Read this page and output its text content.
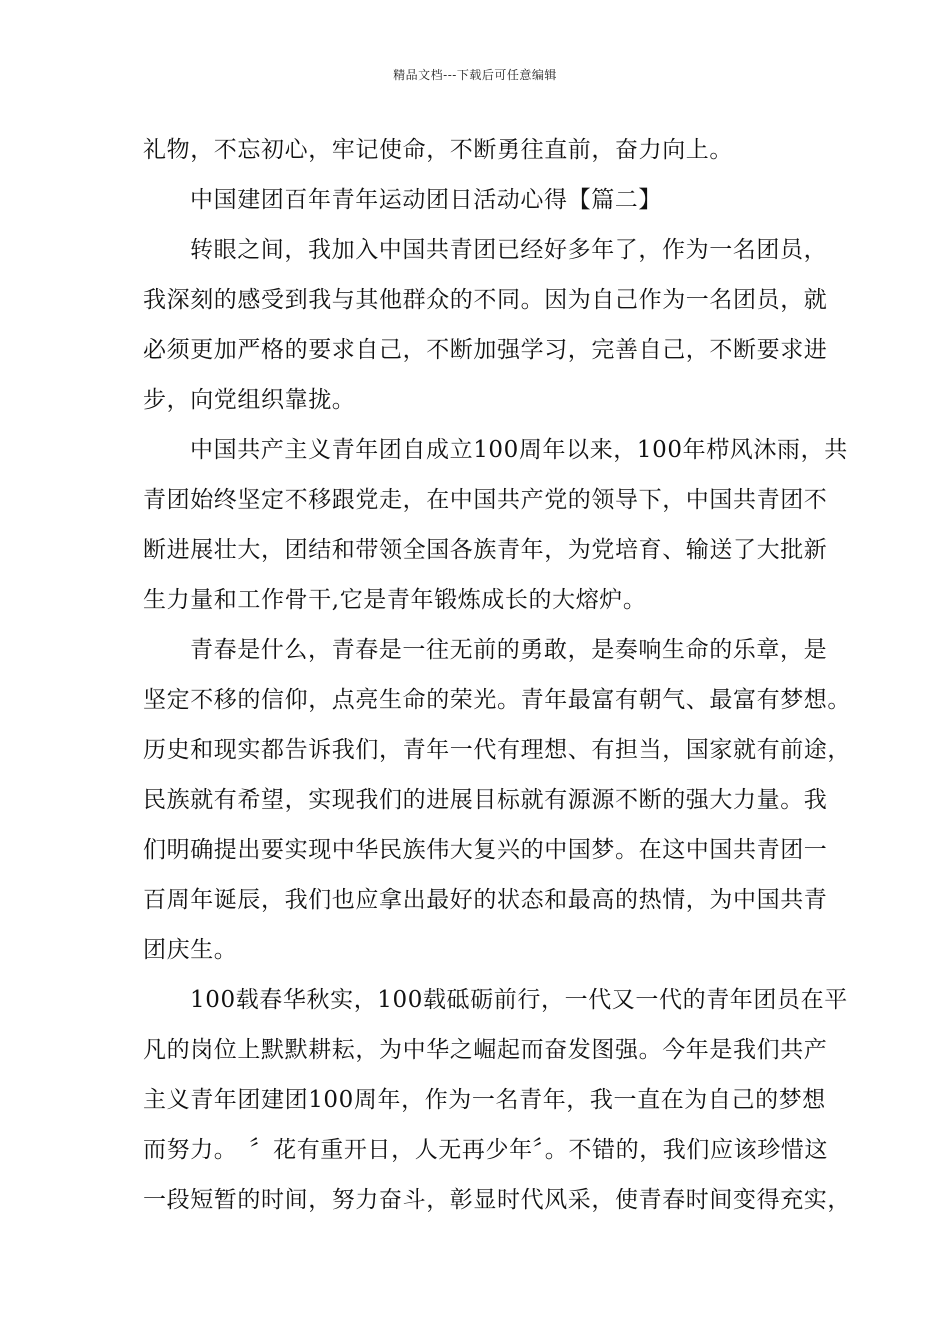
精品文档---下载后可任意编辑
礼物，不忘初心，牢记使命，不断勇往直前，奋力向上。
中国建团百年青年运动团日活动心得【篇二】
转眼之间，我加入中国共青团已经好多年了，作为一名团员，
我深刻的感受到我与其他群众的不同。因为自己作为一名团员，就
必须更加严格的要求自己，不断加强学习，完善自己，不断要求进
步，向党组织靠拢。
中国共产主义青年团自成立100周年以来，100年栉风沐雨，共
青团始终坚定不移跟党走，在中国共产党的领导下，中国共青团不
断进展壮大，团结和带领全国各族青年，为党培育、输送了大批新
生力量和工作骨干,它是青年锻炼成长的大熔炉。
青春是什么，青春是一往无前的勇敢，是奏响生命的乐章，是
坚定不移的信仰，点亮生命的荣光。青年最富有朝气、最富有梦想。
历史和现实都告诉我们，青年一代有理想、有担当，国家就有前途，
民族就有希望，实现我们的进展目标就有源源不断的强大力量。我
们明确提出要实现中华民族伟大复兴的中国梦。在这中国共青团一
百周年诞辰，我们也应拿出最好的状态和最高的热情，为中国共青
团庆生。
100载春华秋实，100载砥砺前行，一代又一代的青年团员在平
凡的岗位上默默耕耘，为中华之崛起而奋发图强。今年是我们共产
主义青年团建团100周年，作为一名青年，我一直在为自己的梦想
而努力。　〞花有重开日，人无再少年〞。不错的，我们应该珍惜这
一段短暂的时间，努力奋斗，彰显时代风采，使青春时间变得充实，
